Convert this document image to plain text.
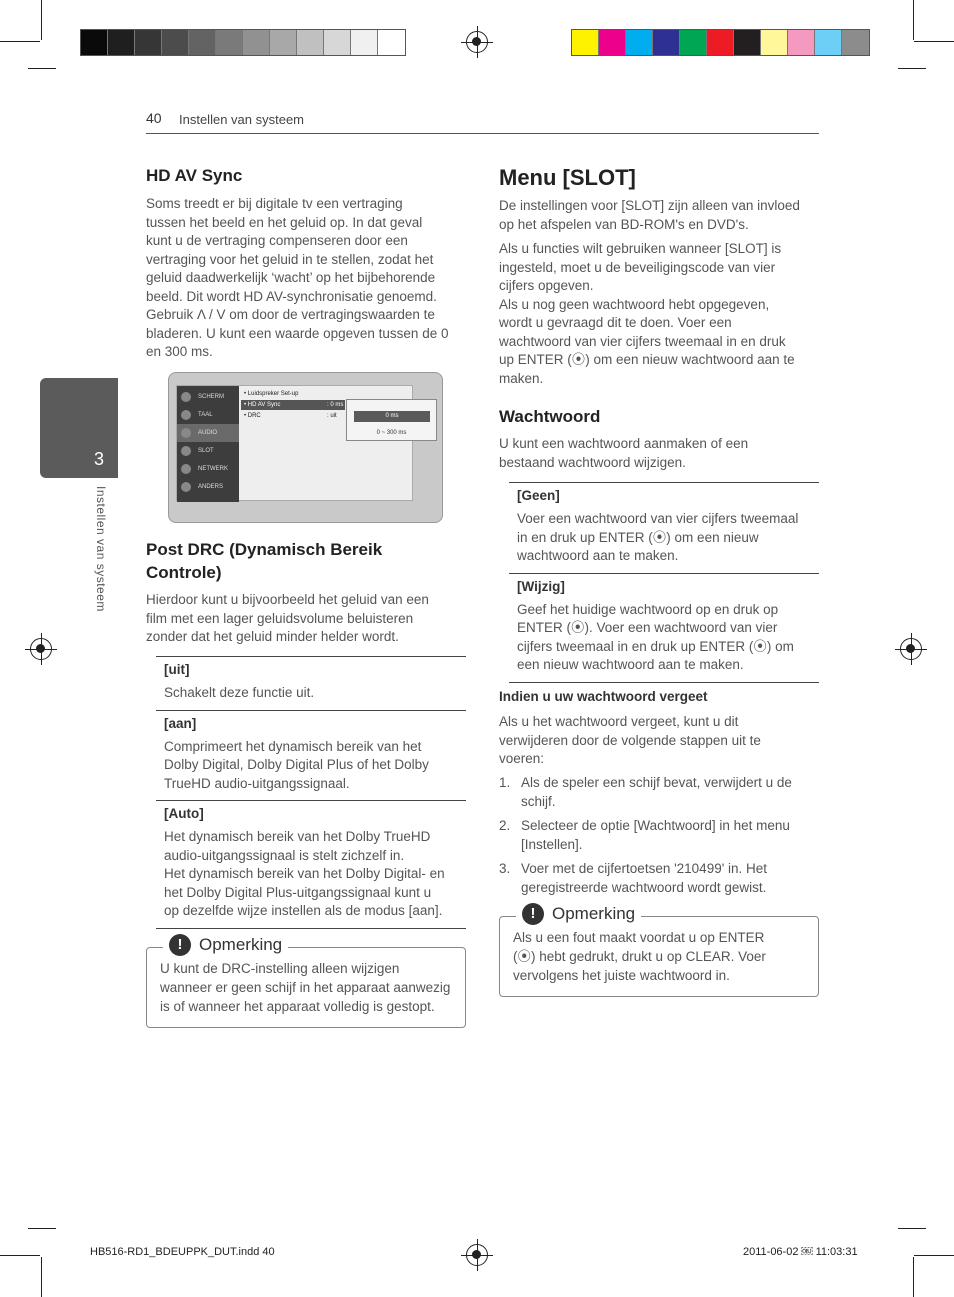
40 Instellen van systeem
3
Instellen van systeem
HD AV Sync
Soms treedt er bij digitale tv een vertraging
tussen het beeld en het geluid op. In dat geval
kunt u de vertraging compenseren door een
vertraging voor het geluid in te stellen, zodat het
geluid daadwerkelijk ‘wacht’ op het bijbehorende
beeld. Dit wordt HD AV-synchronisatie genoemd.
Gebruik Λ / V om door de vertragingswaarden te
bladeren. U kunt een waarde opgeven tussen de 0
en 300 ms.
SCHERM
TAAL
AUDIO
SLOT
NETWERK
ANDERS
• Luidspreker Set-up
• HD AV Sync	: 0 ms
• DRC	: uit	0 ms
0 ~ 300 ms
Post DRC (Dynamisch Bereik
Controle)
Hierdoor kunt u bijvoorbeeld het geluid van een
film met een lager geluidsvolume beluisteren
zonder dat het geluid minder helder wordt.
[uit]
Schakelt deze functie uit.
[aan]
Comprimeert het dynamisch bereik van het
Dolby Digital, Dolby Digital Plus of het Dolby
TrueHD audio-uitgangssignaal.
[Auto]
Het dynamisch bereik van het Dolby TrueHD
audio-uitgangssignaal is stelt zichzelf in.
Het dynamisch bereik van het Dolby Digital- en
het Dolby Digital Plus-uitgangssignaal kunt u
op dezelfde wijze instellen als de modus [aan].
! Opmerking
U kunt de DRC-instelling alleen wijzigen
wanneer er geen schijf in het apparaat aanwezig
is of wanneer het apparaat volledig is gestopt.
Menu [SLOT]
De instellingen voor [SLOT] zijn alleen van invloed
op het afspelen van BD-ROM's en DVD's.
Als u functies wilt gebruiken wanneer [SLOT] is
ingesteld, moet u de beveiligingscode van vier
cijfers opgeven.
Als u nog geen wachtwoord hebt opgegeven,
wordt u gevraagd dit te doen. Voer een
wachtwoord van vier cijfers tweemaal in en druk
up ENTER (⦿) om een nieuw wachtwoord aan te
maken.
Wachtwoord
U kunt een wachtwoord aanmaken of een
bestaand wachtwoord wijzigen.
[Geen]
Voer een wachtwoord van vier cijfers tweemaal
in en druk up ENTER (⦿) om een nieuw
wachtwoord aan te maken.
[Wijzig]
Geef het huidige wachtwoord op en druk op
ENTER (⦿). Voer een wachtwoord van vier
cijfers tweemaal in en druk up ENTER (⦿) om
een nieuw wachtwoord aan te maken.
Indien u uw wachtwoord vergeet
Als u het wachtwoord vergeet, kunt u dit
verwijderen door de volgende stappen uit te
voeren:
1. Als de speler een schijf bevat, verwijdert u de
schijf.
2. Selecteer de optie [Wachtwoord] in het menu
[Instellen].
3. Voer met de cijfertoetsen '210499' in. Het
geregistreerde wachtwoord wordt gewist.
! Opmerking
Als u een fout maakt voordat u op ENTER
(⦿) hebt gedrukt, drukt u op CLEAR. Voer
vervolgens het juiste wachtwoord in.
HB516-RD1_BDEUPPK_DUT.indd 40	2011-06-02 ￼ 11:03:31
